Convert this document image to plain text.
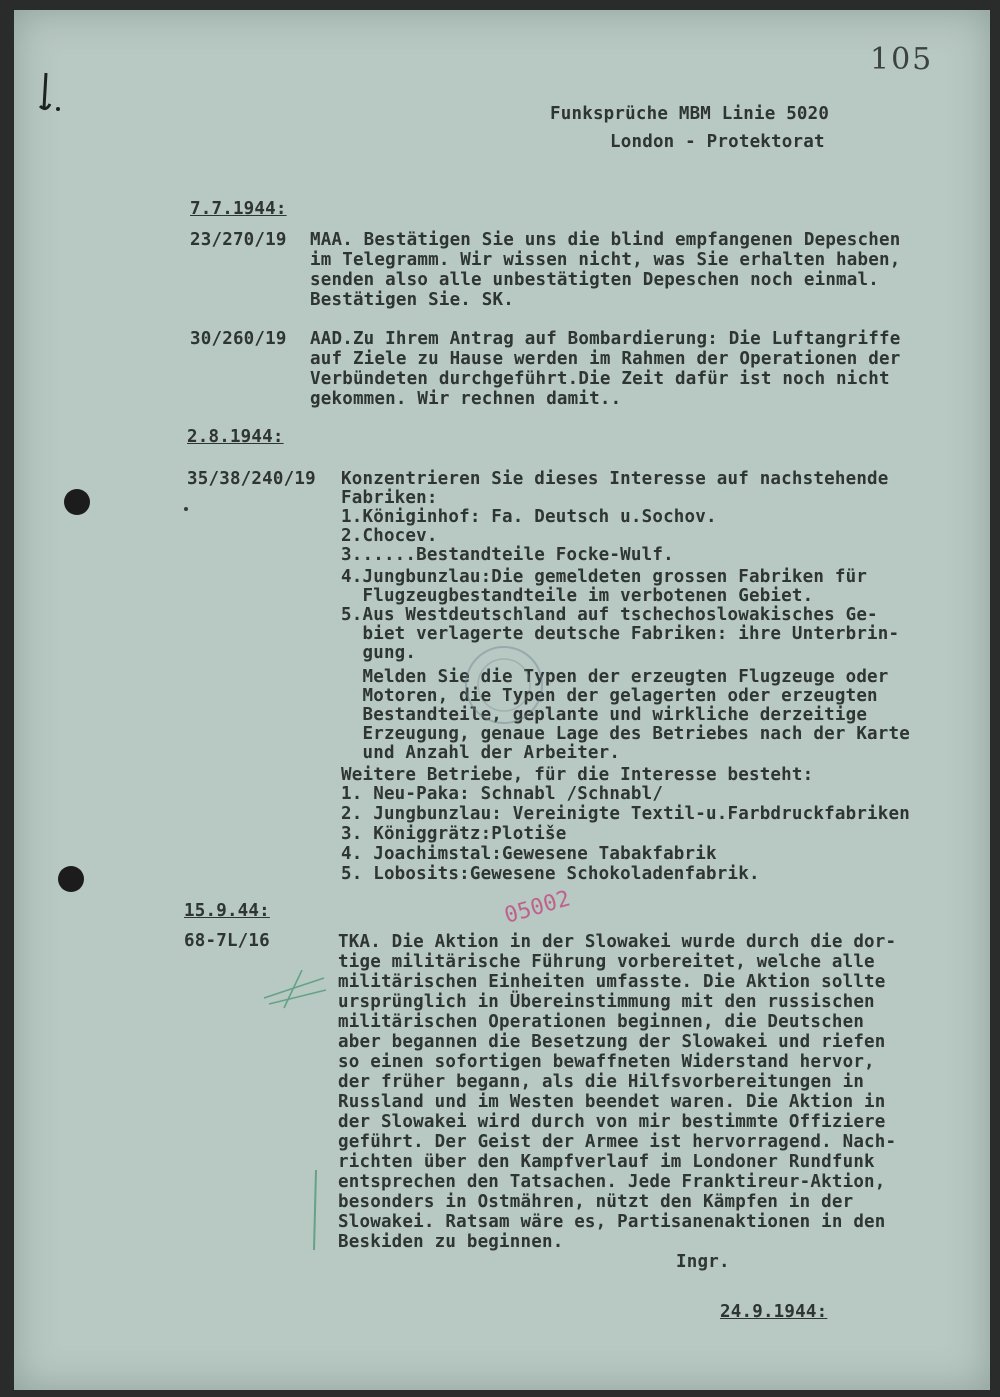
105
Funksprüche MBM Linie 5020
London - Protektorat
7.7.1944:
23/270/19 MAA. Bestätigen Sie uns die blind empfangenen Depeschen
im Telegramm. Wir wissen nicht, was Sie erhalten haben,
senden also alle unbestätigten Depeschen noch einmal.
Bestätigen Sie. SK.
30/260/19 AAD.Zu Ihrem Antrag auf Bombardierung: Die Luftangriffe
auf Ziele zu Hause werden im Rahmen der Operationen der
Verbündeten durchgeführt.Die Zeit dafür ist noch nicht
gekommen. Wir rechnen damit..
2.8.1944:
35/38/240/19 Konzentrieren Sie dieses Interesse auf nachstehende
Fabriken:
1.Königinhof: Fa. Deutsch u.Sochov.
2.Chocev.
3......Bestandteile Focke-Wulf.
4.Jungbunzlau:Die gemeldeten grossen Fabriken für
Flugzeugbestandteile im verbotenen Gebiet.
5.Aus Westdeutschland auf tschechoslowakisches Ge-
biet verlagerte deutsche Fabriken: ihre Unterbrin-
gung.
Melden Sie die Typen der erzeugten Flugzeuge oder
Motoren, die Typen der gelagerten oder erzeugten
Bestandteile, geplante und wirkliche derzeitige
Erzeugung, genaue Lage des Betriebes nach der Karte
und Anzahl der Arbeiter.
Weitere Betriebe, für die Interesse besteht:
1. Neu-Paka: Schnabl /Schnabl/
2. Jungbunzlau: Vereinigte Textil-u.Farbdruckfabriken
3. Königgrätz:Plotiše
4. Joachimstal:Gewesene Tabakfabrik
5. Lobosits:Gewesene Schokoladenfabrik.
15.9.44:
68-7L/16
05002
TKA. Die Aktion in der Slowakei wurde durch die dor-
tige militärische Führung vorbereitet, welche alle
militärischen Einheiten umfasste. Die Aktion sollte
ursprünglich in Übereinstimmung mit den russischen
militärischen Operationen beginnen, die Deutschen
aber begannen die Besetzung der Slowakei und riefen
so einen sofortigen bewaffneten Widerstand hervor,
der früher begann, als die Hilfsvorbereitungen in
Russland und im Westen beendet waren. Die Aktion in
der Slowakei wird durch von mir bestimmte Offiziere
geführt. Der Geist der Armee ist hervorragend. Nach-
richten über den Kampfverlauf im Londoner Rundfunk
entsprechen den Tatsachen. Jede Franktireur-Aktion,
besonders in Ostmähren, nützt den Kämpfen in der
Slowakei. Ratsam wäre es, Partisanenaktionen in den
Beskiden zu beginnen.
Ingr.
24.9.1944:
